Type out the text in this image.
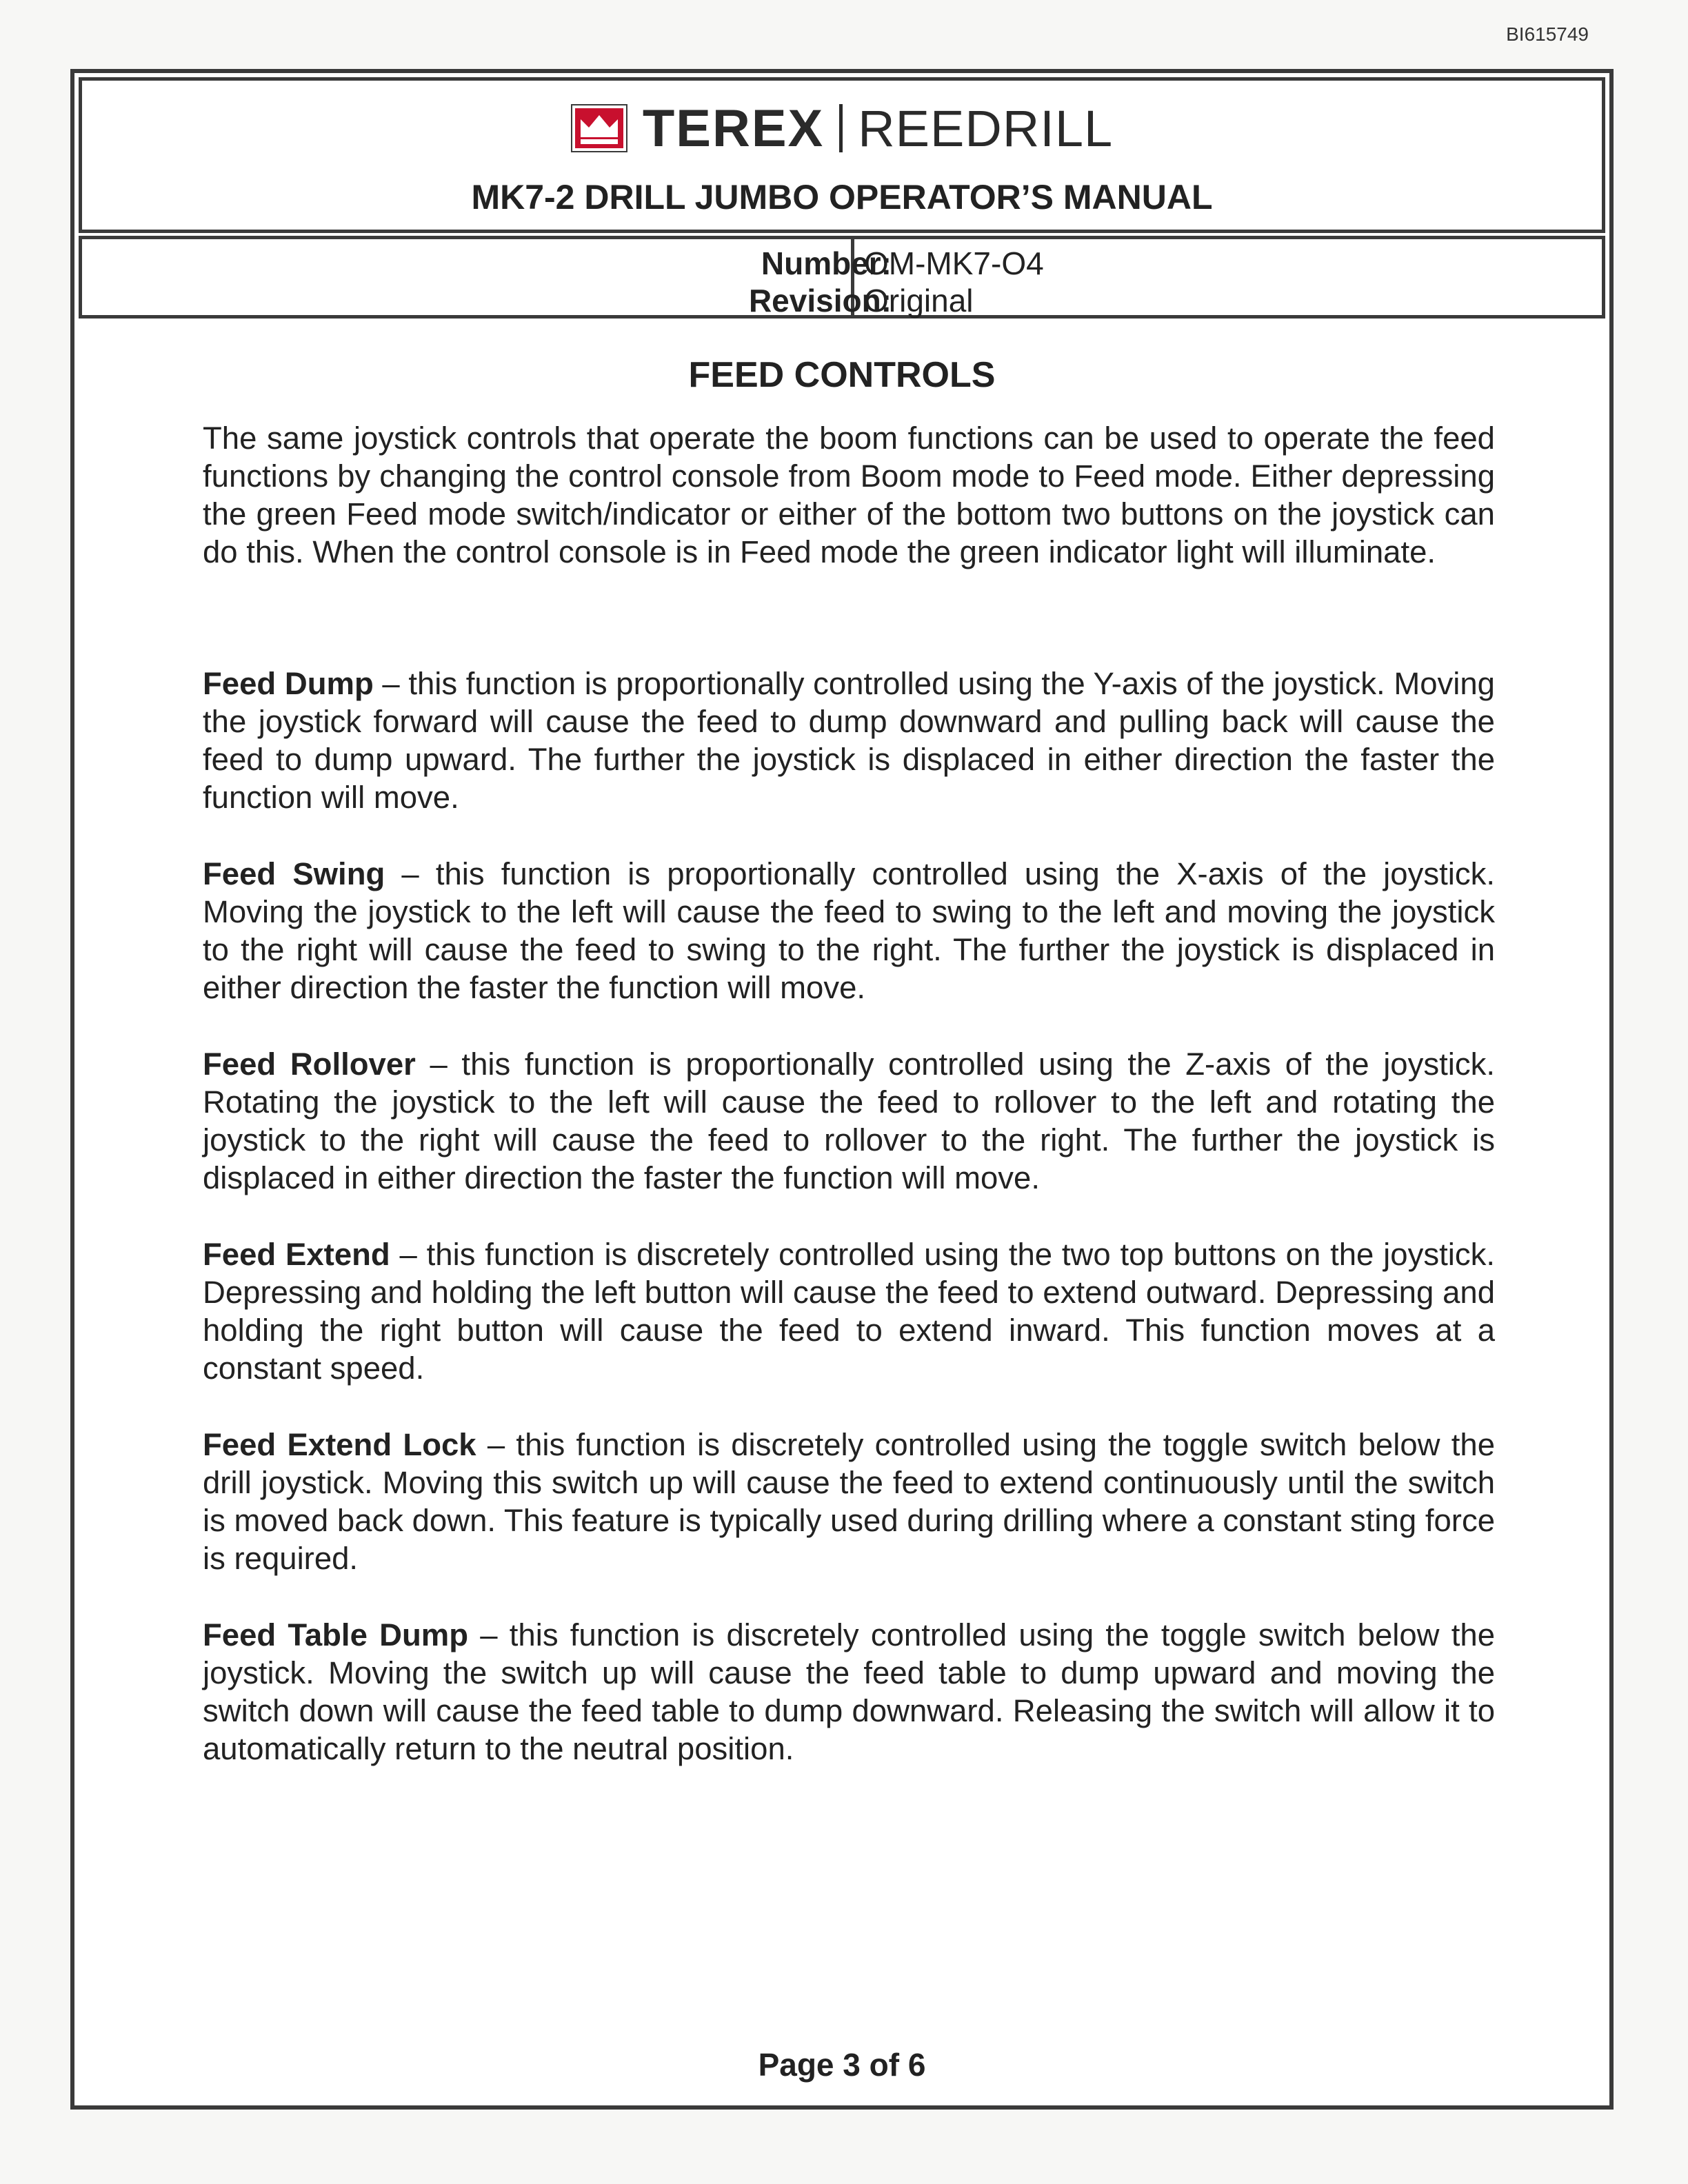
BI615749
TEREX REEDRILL
MK7-2 DRILL JUMBO OPERATOR’S MANUAL
Number:
OM-MK7-O4
Revision:
Original
FEED CONTROLS

The same joystick controls that operate the boom functions can be used to operate the feed functions by changing the control console from Boom mode to Feed mode. Either depressing the green Feed mode switch/indicator or either of the bottom two buttons on the joystick can do this. When the control console is in Feed mode the green indicator light will illuminate.

Feed Dump – this function is proportionally controlled using the Y-axis of the joystick. Moving the joystick forward will cause the feed to dump downward and pulling back will cause the feed to dump upward. The further the joystick is displaced in either direction the faster the function will move.

Feed Swing – this function is proportionally controlled using the X-axis of the joystick. Moving the joystick to the left will cause the feed to swing to the left and moving the joystick to the right will cause the feed to swing to the right. The further the joystick is displaced in either direction the faster the function will move.

Feed Rollover – this function is proportionally controlled using the Z-axis of the joystick. Rotating the joystick to the left will cause the feed to rollover to the left and rotating the joystick to the right will cause the feed to rollover to the right. The further the joystick is displaced in either direction the faster the function will move.

Feed Extend – this function is discretely controlled using the two top buttons on the joystick. Depressing and holding the left button will cause the feed to extend outward. Depressing and holding the right button will cause the feed to extend inward. This function moves at a constant speed.

Feed Extend Lock – this function is discretely controlled using the toggle switch below the drill joystick. Moving this switch up will cause the feed to extend continuously until the switch is moved back down. This feature is typically used during drilling where a constant sting force is required.

Feed Table Dump – this function is discretely controlled using the toggle switch below the joystick. Moving the switch up will cause the feed table to dump upward and moving the switch down will cause the feed table to dump downward. Releasing the switch will allow it to automatically return to the neutral position.

Page 3 of 6
